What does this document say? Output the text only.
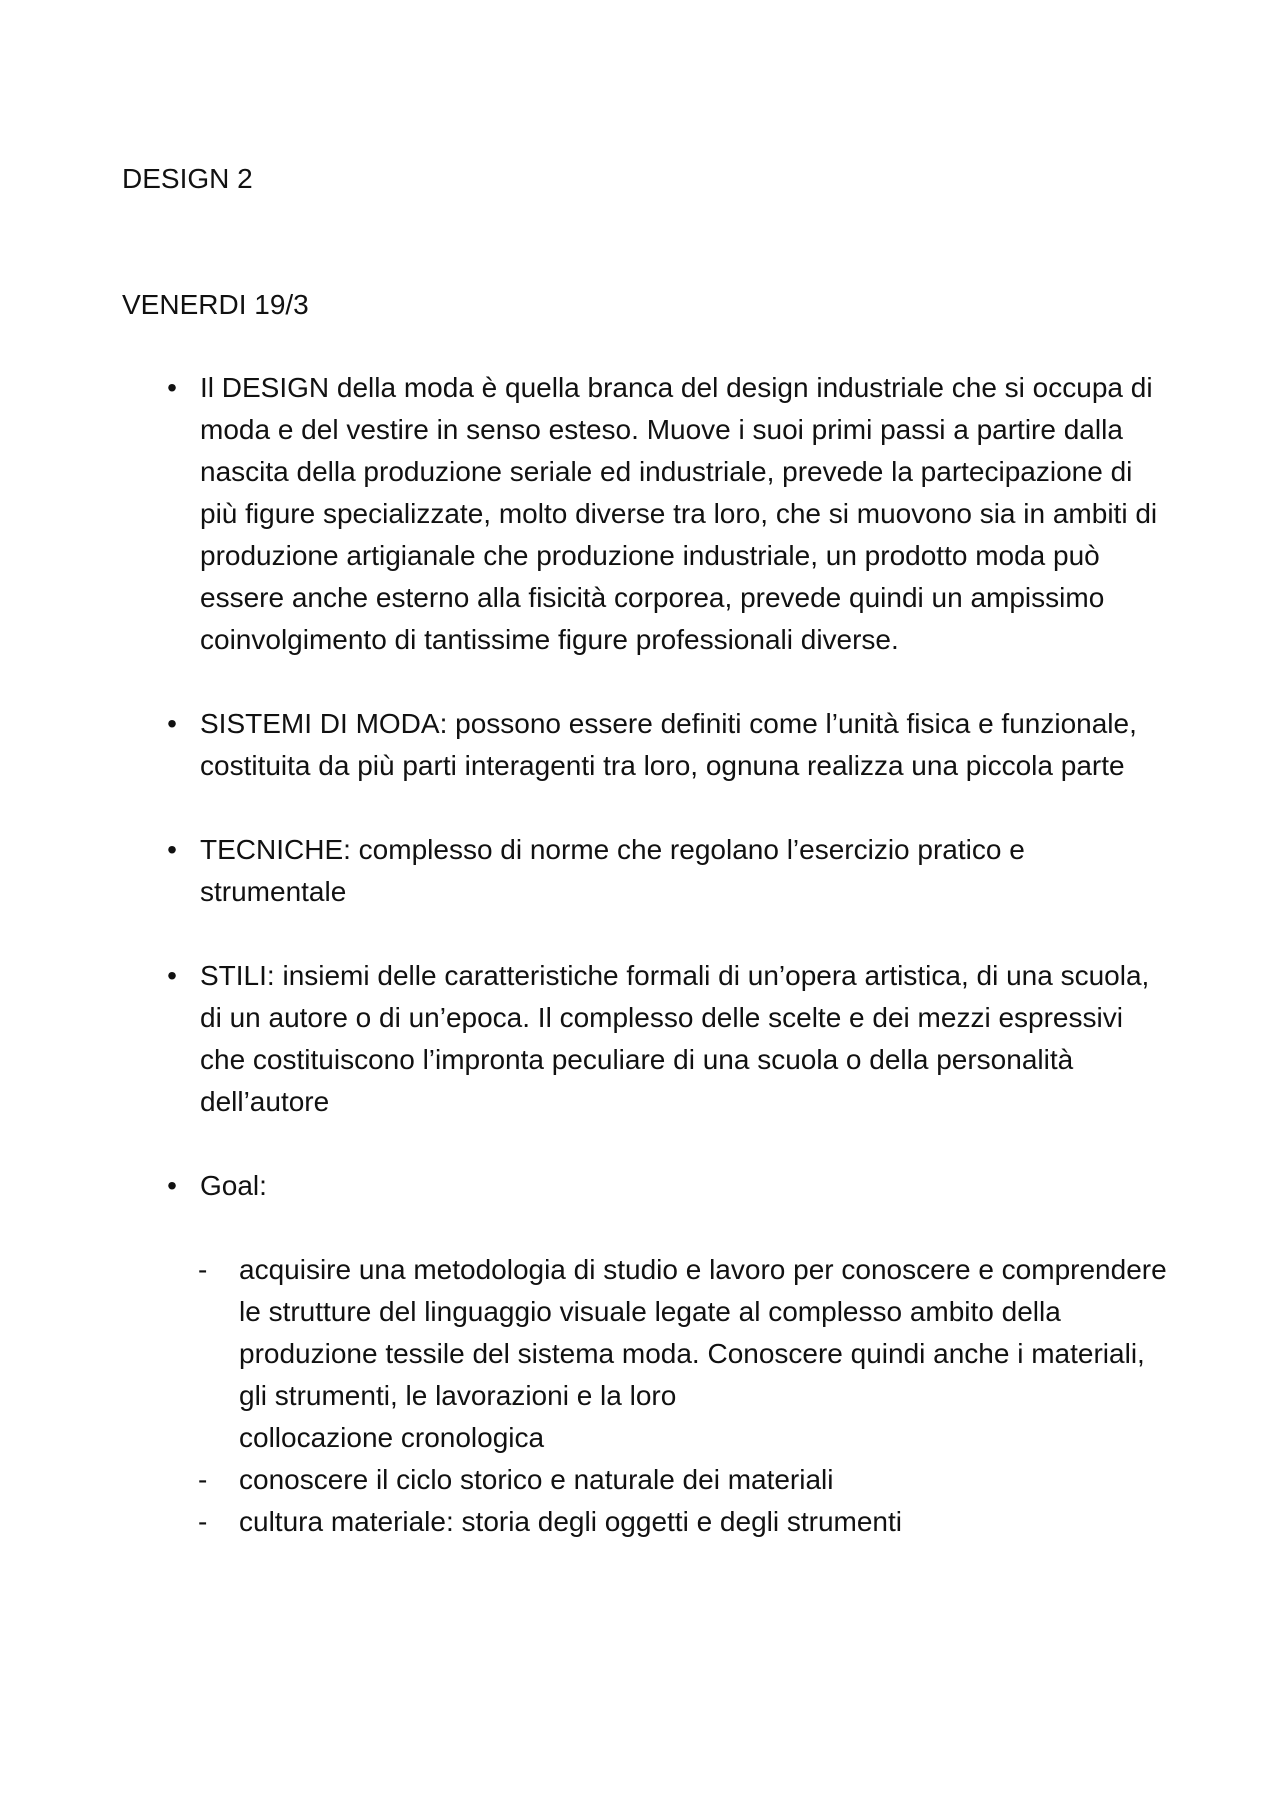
DESIGN 2
VENERDI 19/3
• Il DESIGN della moda è quella branca del design industriale che si occupa di moda e del vestire in senso esteso. Muove i suoi primi passi a partire dalla nascita della produzione seriale ed industriale, prevede la partecipazione di più figure specializzate, molto diverse tra loro, che si muovono sia in ambiti di produzione artigianale che produzione industriale, un prodotto moda può essere anche esterno alla fisicità corporea, prevede quindi un ampissimo coinvolgimento di tantissime figure professionali diverse.
• SISTEMI DI MODA: possono essere definiti come l’unità fisica e funzionale, costituita da più parti interagenti tra loro, ognuna realizza una piccola parte
• TECNICHE: complesso di norme che regolano l’esercizio pratico e strumentale
• STILI: insiemi delle caratteristiche formali di un’opera artistica, di una scuola, di un autore o di un’epoca. Il complesso delle scelte e dei mezzi espressivi che costituiscono l’impronta peculiare di una scuola o della personalità dell’autore
• Goal:
- acquisire una metodologia di studio e lavoro per conoscere e comprendere le strutture del linguaggio visuale legate al complesso ambito della produzione tessile del sistema moda. Conoscere quindi anche i materiali, gli strumenti, le lavorazioni e la loro
collocazione cronologica
- conoscere il ciclo storico e naturale dei materiali
- cultura materiale: storia degli oggetti e degli strumenti
